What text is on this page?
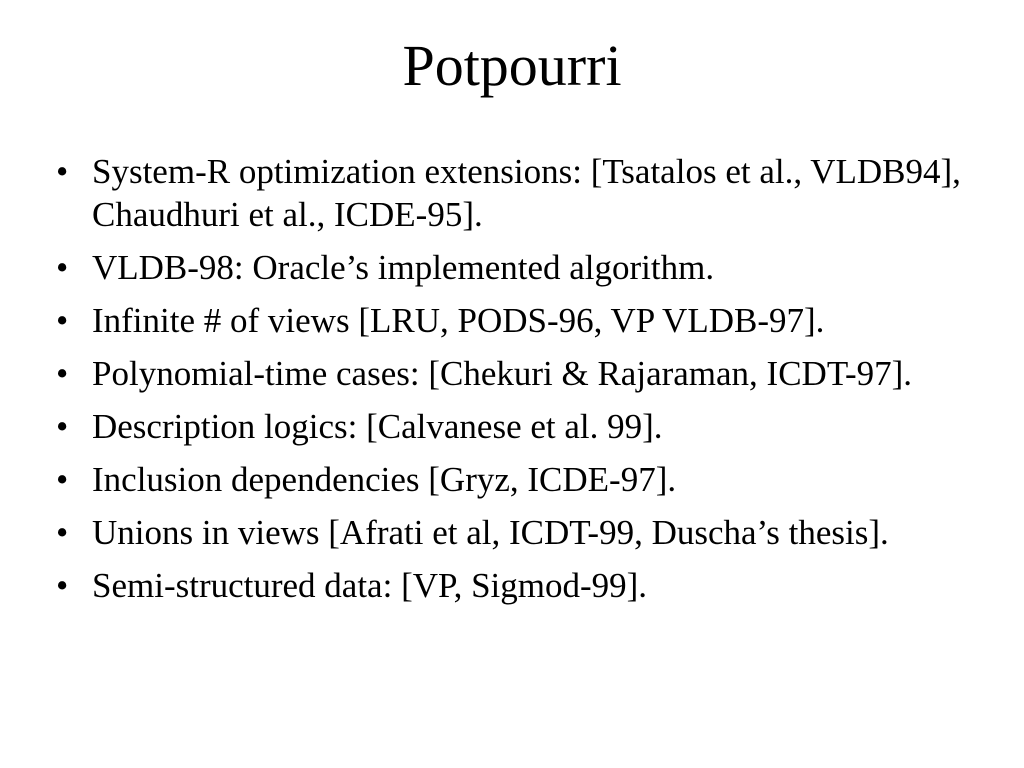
Potpourri
• System-R optimization extensions: [Tsatalos et al., VLDB94], Chaudhuri et al., ICDE-95].
• VLDB-98: Oracle’s implemented algorithm.
• Infinite # of views [LRU, PODS-96, VP VLDB-97].
• Polynomial-time cases: [Chekuri & Rajaraman, ICDT-97].
• Description logics: [Calvanese et al. 99].
• Inclusion dependencies [Gryz, ICDE-97].
• Unions in views [Afrati et al, ICDT-99, Duscha’s thesis].
• Semi-structured data: [VP, Sigmod-99].
